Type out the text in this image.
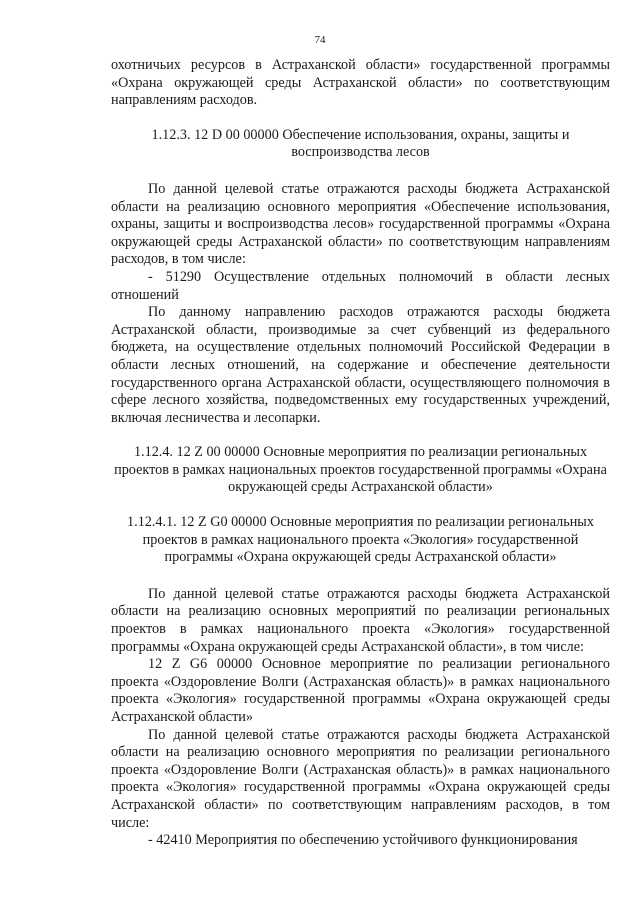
74

охотничьих ресурсов в Астраханской области» государственной программы «Охрана окружающей среды Астраханской области» по соответствующим направлениям расходов.

1.12.3. 12 D 00 00000 Обеспечение использования, охраны, защиты и воспроизводства лесов

По данной целевой статье отражаются расходы бюджета Астраханской области на реализацию основного мероприятия «Обеспечение использования, охраны, защиты и воспроизводства лесов» государственной программы «Охрана окружающей среды Астраханской области» по соответствующим направлениям расходов, в том числе:

- 51290 Осуществление отдельных полномочий в области лесных отношений

По данному направлению расходов отражаются расходы бюджета Астраханской области, производимые за счет субвенций из федерального бюджета, на осуществление отдельных полномочий Российской Федерации в области лесных отношений, на содержание и обеспечение деятельности государственного органа Астраханской области, осуществляющего полномочия в сфере лесного хозяйства, подведомственных ему государственных учреждений, включая лесничества и лесопарки.

1.12.4. 12 Z 00 00000 Основные мероприятия по реализации региональных проектов в рамках национальных проектов государственной программы «Охрана окружающей среды Астраханской области»

1.12.4.1. 12 Z G0 00000 Основные мероприятия по реализации региональных проектов в рамках национального проекта «Экология» государственной программы «Охрана окружающей среды Астраханской области»

По данной целевой статье отражаются расходы бюджета Астраханской области на реализацию основных мероприятий по реализации региональных проектов в рамках национального проекта «Экология» государственной программы «Охрана окружающей среды Астраханской области», в том числе:

12 Z G6 00000 Основное мероприятие по реализации регионального проекта «Оздоровление Волги (Астраханская область)» в рамках национального проекта «Экология» государственной программы «Охрана окружающей среды Астраханской области»

По данной целевой статье отражаются расходы бюджета Астраханской области на реализацию основного мероприятия по реализации регионального проекта «Оздоровление Волги (Астраханская область)» в рамках национального проекта «Экология» государственной программы «Охрана окружающей среды Астраханской области» по соответствующим направлениям расходов, в том числе:

- 42410 Мероприятия по обеспечению устойчивого функционирования
